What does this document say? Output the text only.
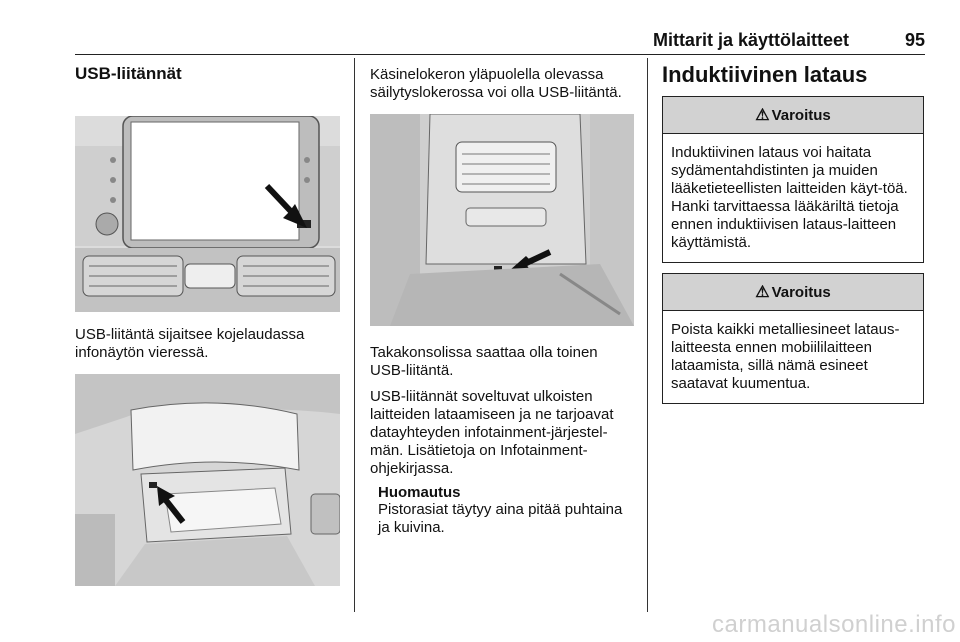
Mittarit ja käyttölaitteet	95
USB-liitännät

USB-liitäntä sijaitsee kojelaudassa infonäytön vieressä.

Käsinelokeron yläpuolella olevassa säilytyslokerossa voi olla USB-liitäntä.

Takakonsolissa saattaa olla toinen USB-liitäntä.

USB-liitännät soveltuvat ulkoisten laitteiden lataamiseen ja ne tarjoavat datayhteyden infotainment-järjestel-män. Lisätietoja on Infotainment-ohjekirjassa.

Huomautus

Pistorasiat täytyy aina pitää puhtaina ja kuivina.

Induktiivinen lataus
⚠ Varoitus

Induktiivinen lataus voi haitata sydämentahdistinten ja muiden lääketieteellisten laitteiden käyt-töä. Hanki tarvittaessa lääkäriltä tietoja ennen induktiivisen lataus-laitteen käyttämistä.

⚠ Varoitus

Poista kaikki metalliesineet lataus-laitteesta ennen mobiililaitteen lataamista, sillä nämä esineet saatavat kuumentua.

carmanualsonline.info
